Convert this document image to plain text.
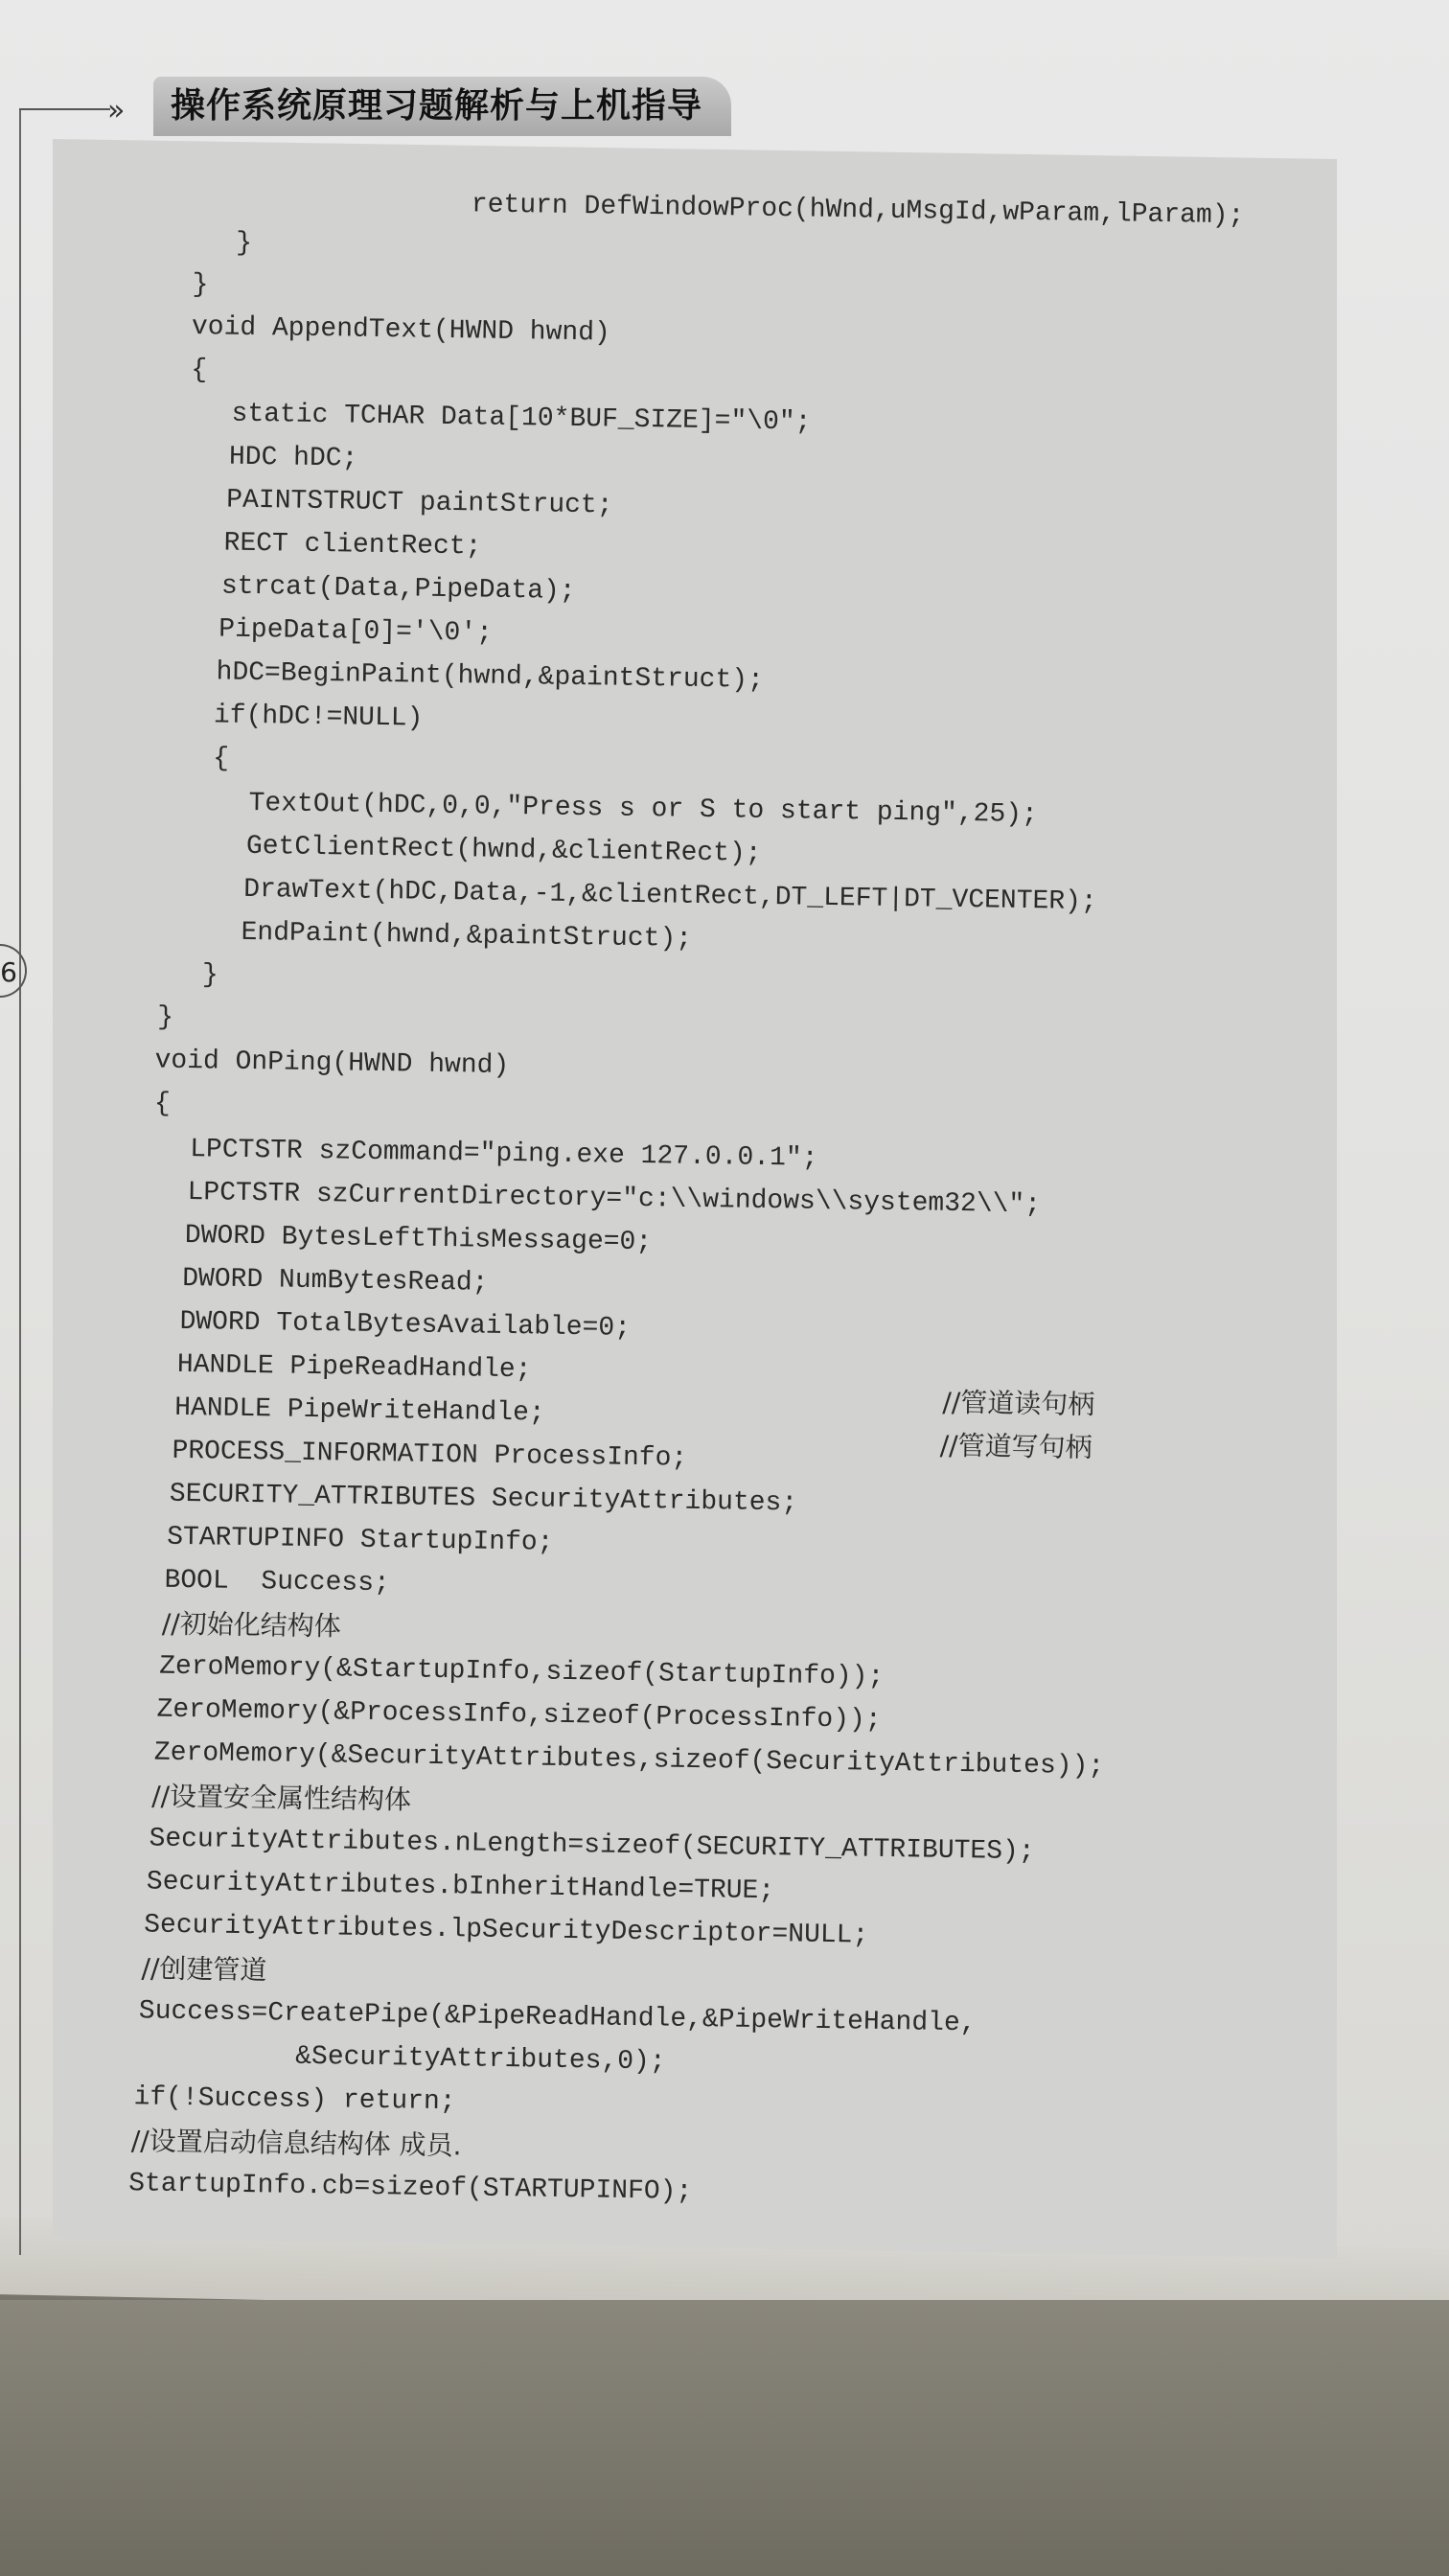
»	操作系统原理习题解析与上机指导
6
return DefWindowProc(hWnd,uMsgId,wParam,lParam);
}
}
void AppendText(HWND hwnd)
{
static TCHAR Data[10*BUF_SIZE]="\0";
HDC hDC;
PAINTSTRUCT paintStruct;
RECT clientRect;
strcat(Data,PipeData);
PipeData[0]='\0';
hDC=BeginPaint(hwnd,&paintStruct);
if(hDC!=NULL)
{
TextOut(hDC,0,0,"Press s or S to start ping",25);
GetClientRect(hwnd,&clientRect);
DrawText(hDC,Data,-1,&clientRect,DT_LEFT|DT_VCENTER);
EndPaint(hwnd,&paintStruct);
}
}
void OnPing(HWND hwnd)
{
LPCTSTR szCommand="ping.exe 127.0.0.1";
LPCTSTR szCurrentDirectory="c:\\windows\\system32\\";
DWORD BytesLeftThisMessage=0;
DWORD NumBytesRead;
DWORD TotalBytesAvailable=0;
HANDLE PipeReadHandle;
HANDLE PipeWriteHandle;	//管道读句柄
//管道写句柄
PROCESS_INFORMATION ProcessInfo;
SECURITY_ATTRIBUTES SecurityAttributes;
STARTUPINFO StartupInfo;
BOOL  Success;
//初始化结构体
ZeroMemory(&StartupInfo,sizeof(StartupInfo));
ZeroMemory(&ProcessInfo,sizeof(ProcessInfo));
ZeroMemory(&SecurityAttributes,sizeof(SecurityAttributes));
//设置安全属性结构体
SecurityAttributes.nLength=sizeof(SECURITY_ATTRIBUTES);
SecurityAttributes.bInheritHandle=TRUE;
SecurityAttributes.lpSecurityDescriptor=NULL;
//创建管道
Success=CreatePipe(&PipeReadHandle,&PipeWriteHandle,
&SecurityAttributes,0);
if(!Success) return;
//设置启动信息结构体 成员.
StartupInfo.cb=sizeof(STARTUPINFO);
